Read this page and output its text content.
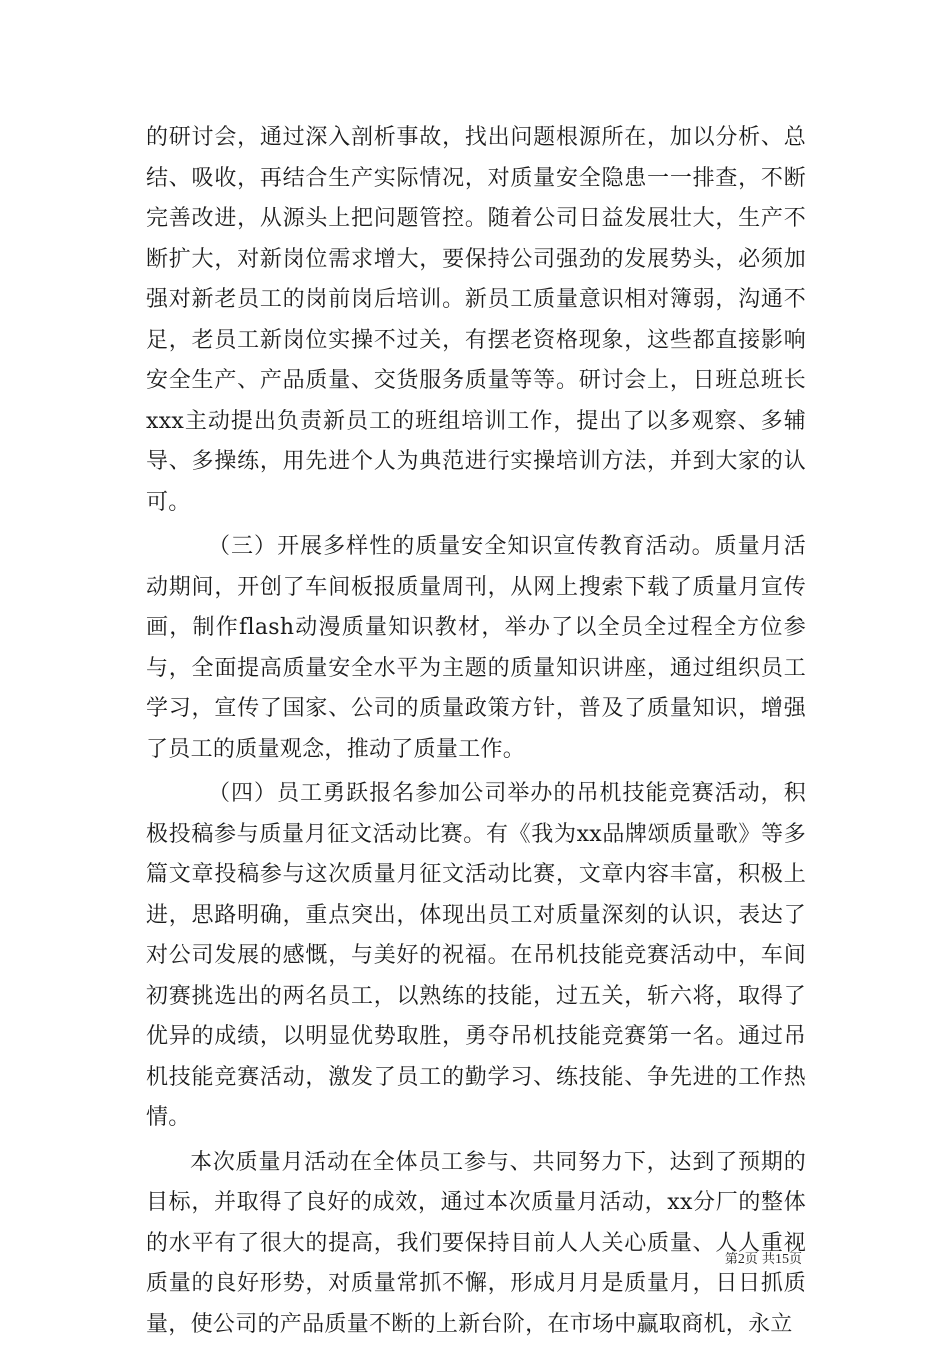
的研讨会，通过深入剖析事故，找出问题根源所在，加以分析、总结、吸收，再结合生产实际情况，对质量安全隐患一一排查，不断完善改进，从源头上把问题管控。随着公司日益发展壮大，生产不断扩大，对新岗位需求增大，要保持公司强劲的发展势头，必须加强对新老员工的岗前岗后培训。新员工质量意识相对簿弱，沟通不足，老员工新岗位实操不过关，有摆老资格现象，这些都直接影响安全生产、产品质量、交货服务质量等等。研讨会上，日班总班长xxx主动提出负责新员工的班组培训工作，提出了以多观察、多辅导、多操练，用先进个人为典范进行实操培训方法，并到大家的认可。

（三）开展多样性的质量安全知识宣传教育活动。质量月活动期间，开创了车间板报质量周刊，从网上搜索下载了质量月宣传画，制作flash动漫质量知识教材，举办了以全员全过程全方位参与，全面提高质量安全水平为主题的质量知识讲座，通过组织员工学习，宣传了国家、公司的质量政策方针，普及了质量知识，增强了员工的质量观念，推动了质量工作。

（四）员工勇跃报名参加公司举办的吊机技能竞赛活动，积极投稿参与质量月征文活动比赛。有《我为xx品牌颂质量歌》等多篇文章投稿参与这次质量月征文活动比赛，文章内容丰富，积极上进，思路明确，重点突出，体现出员工对质量深刻的认识，表达了对公司发展的感慨，与美好的祝福。在吊机技能竞赛活动中，车间初赛挑选出的两名员工，以熟练的技能，过五关，斩六将，取得了优异的成绩，以明显优势取胜，勇夺吊机技能竞赛第一名。通过吊机技能竞赛活动，激发了员工的勤学习、练技能、争先进的工作热情。

本次质量月活动在全体员工参与、共同努力下，达到了预期的目标，并取得了良好的成效，通过本次质量月活动，xx分厂的整体的水平有了很大的提高，我们要保持目前人人关心质量、人人重视质量的良好形势，对质量常抓不懈，形成月月是质量月，日日抓质量，使公司的产品质量不断的上新台阶，在市场中赢取商机，永立

第2页 共15页
